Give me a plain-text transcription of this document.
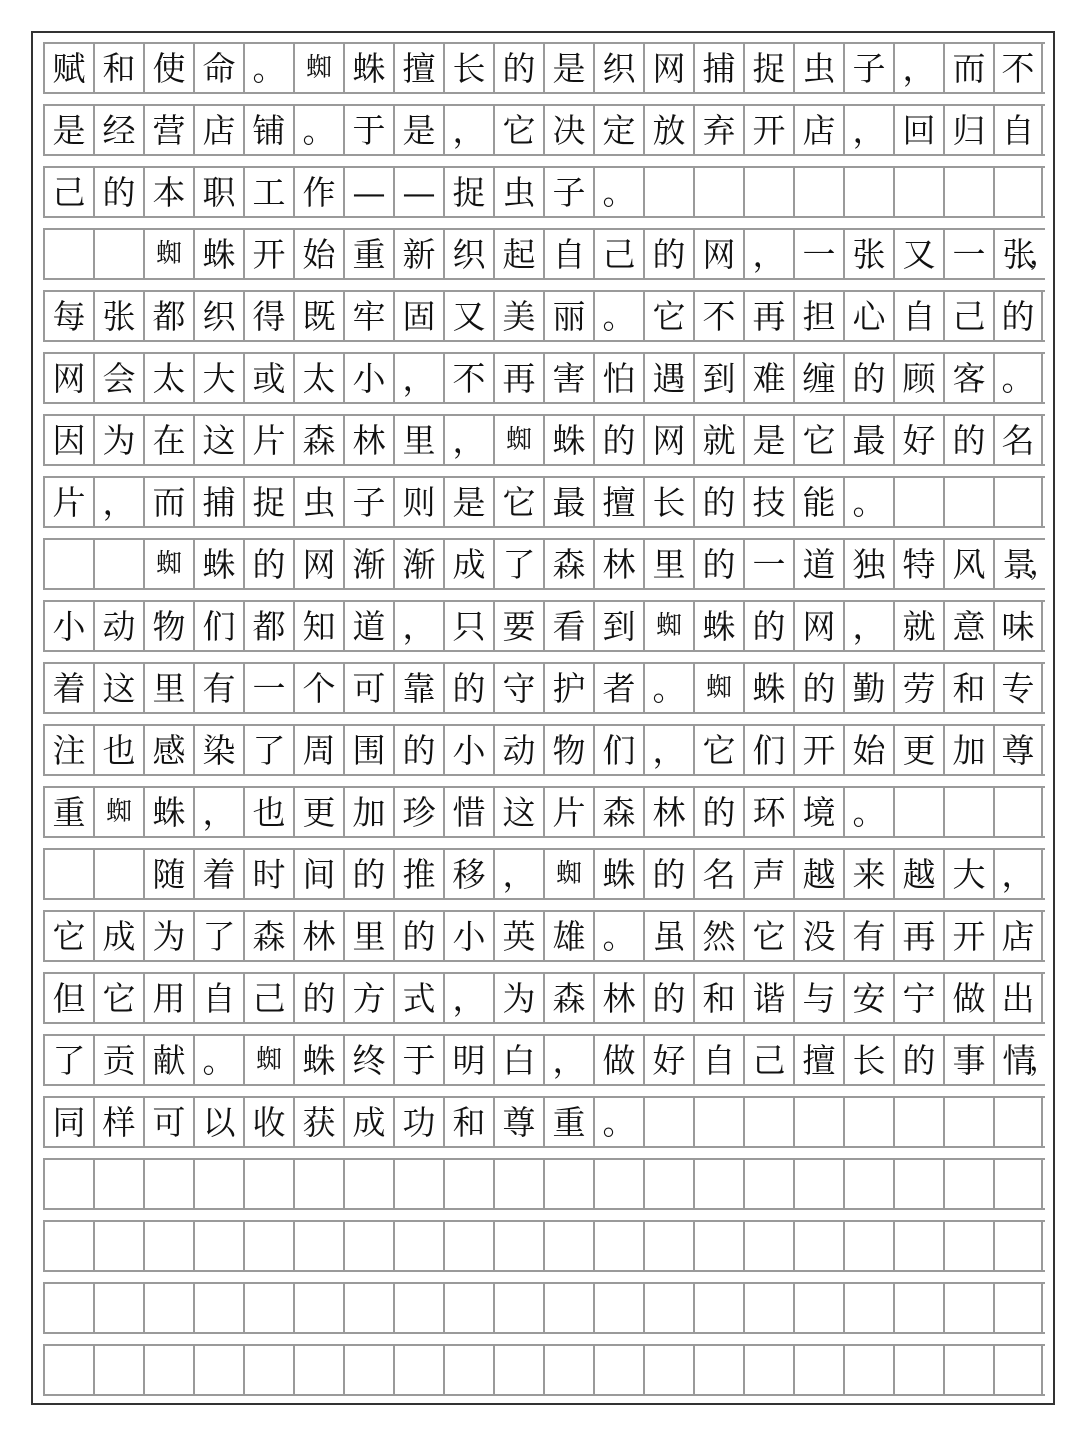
赋 和 使 命 。 蜘 蛛 擅 长 的 是 织 网 捕 捉 虫 子 ， 而 不
是 经 营 店 铺 。 于 是 ， 它 决 定 放 弃 开 店 ， 回 归 自
己 的 本 职 工 作 — — 捉 虫 子 。
蜘 蛛 开 始 重 新 织 起 自 己 的 网 ， 一 张 又 一 张
，
每 张 都 织 得 既 牢 固 又 美 丽 。 它 不 再 担 心 自 己 的
网 会 太 大 或 太 小 ， 不 再 害 怕 遇 到 难 缠 的 顾 客 。
因 为 在 这 片 森 林 里 ， 蜘 蛛 的 网 就 是 它 最 好 的 名
片 ， 而 捕 捉 虫 子 则 是 它 最 擅 长 的 技 能 。
蜘 蛛 的 网 渐 渐 成 了 森 林 里 的 一 道 独 特 风 景
，
小 动 物 们 都 知 道 ， 只 要 看 到 蜘 蛛 的 网 ， 就 意 味
着 这 里 有 一 个 可 靠 的 守 护 者 。 蜘 蛛 的 勤 劳 和 专
注 也 感 染 了 周 围 的 小 动 物 们 ， 它 们 开 始 更 加 尊
重 蜘 蛛 ， 也 更 加 珍 惜 这 片 森 林 的 环 境 。
随 着 时 间 的 推 移 ， 蜘 蛛 的 名 声 越 来 越 大 ，
它 成 为 了 森 林 里 的 小 英 雄 。 虽 然 它 没 有 再 开 店
但 它 用 自 己 的 方 式 ， 为 森 林 的 和 谐 与 安 宁 做 出
了 贡 献 。 蜘 蛛 终 于 明 白 ， 做 好 自 己 擅 长 的 事 情
，
同 样 可 以 收 获 成 功 和 尊 重 。
